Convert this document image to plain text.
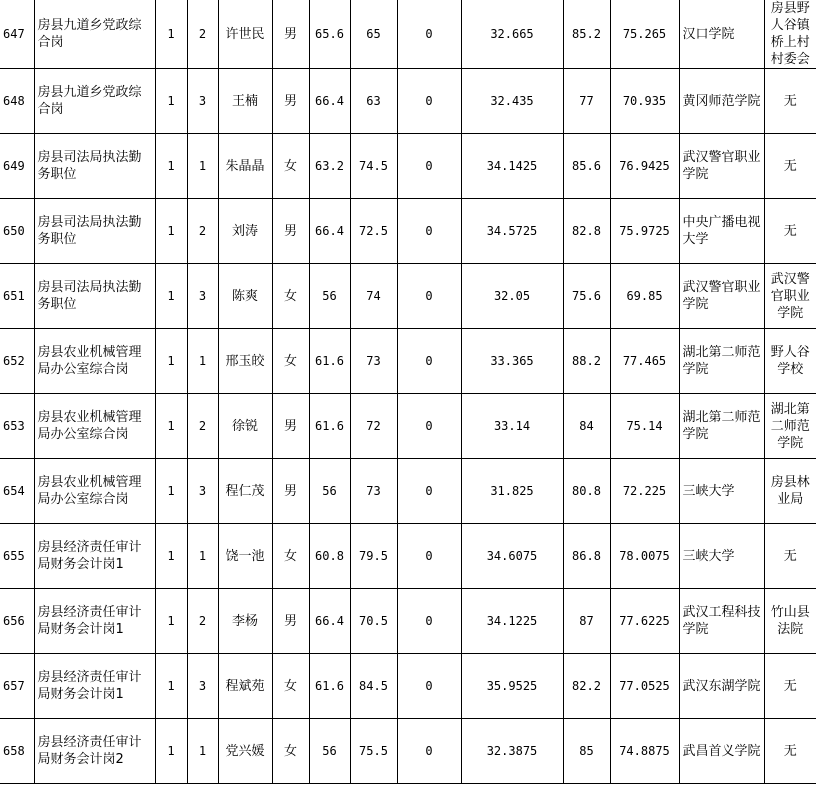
647	房县九道乡党政综合岗	1	2	许世民	男	65.6	65	0	32.665	85.2	75.265	汉口学院	房县野人谷镇桥上村村委会
648	房县九道乡党政综合岗	1	3	王楠	男	66.4	63	0	32.435	77	70.935	黄冈师范学院	无
649	房县司法局执法勤务职位	1	1	朱晶晶	女	63.2	74.5	0	34.1425	85.6	76.9425	武汉警官职业学院	无
650	房县司法局执法勤务职位	1	2	刘涛	男	66.4	72.5	0	34.5725	82.8	75.9725	中央广播电视大学	无
651	房县司法局执法勤务职位	1	3	陈爽	女	56	74	0	32.05	75.6	69.85	武汉警官职业学院	武汉警官职业学院
652	房县农业机械管理局办公室综合岗	1	1	邢玉皎	女	61.6	73	0	33.365	88.2	77.465	湖北第二师范学院	野人谷学校
653	房县农业机械管理局办公室综合岗	1	2	徐锐	男	61.6	72	0	33.14	84	75.14	湖北第二师范学院	湖北第二师范学院
654	房县农业机械管理局办公室综合岗	1	3	程仁茂	男	56	73	0	31.825	80.8	72.225	三峡大学	房县林业局
655	房县经济责任审计局财务会计岗1	1	1	饶一池	女	60.8	79.5	0	34.6075	86.8	78.0075	三峡大学	无
656	房县经济责任审计局财务会计岗1	1	2	李杨	男	66.4	70.5	0	34.1225	87	77.6225	武汉工程科技学院	竹山县法院
657	房县经济责任审计局财务会计岗1	1	3	程斌苑	女	61.6	84.5	0	35.9525	82.2	77.0525	武汉东湖学院	无
658	房县经济责任审计局财务会计岗2	1	1	党兴媛	女	56	75.5	0	32.3875	85	74.8875	武昌首义学院	无
